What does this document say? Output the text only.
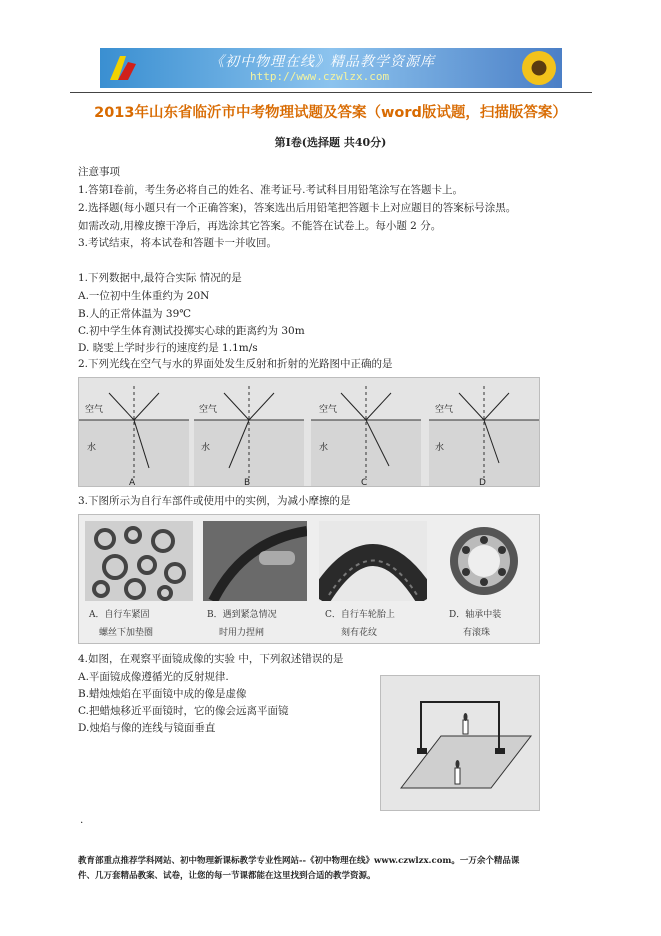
《初中物理在线》精品教学资源库
http://www.czwlzx.com
2013年山东省临沂市中考物理试题及答案（word版试题，扫描版答案）
第Ⅰ卷(选择题 共40分)
注意事项
1.答第Ⅰ卷前，考生务必将自己的姓名、准考证号.考试科目用铅笔涂写在答题卡上。
2.选择题(每小题只有一个正确答案)，答案选出后用铅笔把答题卡上对应题目的答案标号涂黑。
如需改动,用橡皮擦干净后，再选涂其它答案。不能答在试卷上。每小题 2 分。
3.考试结束，将本试卷和答题卡一并收回。
1.下列数据中,最符合实际 情况的是
A.一位初中生体重约为 20N
B.人的正常体温为 39℃
C.初中学生体育测试投掷实心球的距离约为 30m
D. 晓雯上学时步行的速度约是 1.1m/s
2.下列光线在空气与水的界面处发生反射和折射的光路图中正确的是
空气
水
A
空气
水
B
空气
水
C
空气
水
D
3.下图所示为自行车部件或使用中的实例，为减小摩擦的是
A．自行车紧固
螺丝下加垫圈
B．遇到紧急情况
时用力捏闸
C．自行车轮胎上
刻有花纹
D．轴承中装
有滚珠
4.如图，在观察平面镜成像的实验 中，下列叙述错误的是
A.平面镜成像遵循光的反射规律.
B.蜡烛烛焰在平面镜中成的像是虚像
C.把蜡烛移近平面镜时，它的像会远离平面镜
D.烛焰与像的连线与镜面垂直
.
教育部重点推荐学科网站、初中物理新课标教学专业性网站--《初中物理在线》www.czwlzx.com。一万余个精品课
件、几万套精品教案、试卷，让您的每一节课都能在这里找到合适的教学资源。
